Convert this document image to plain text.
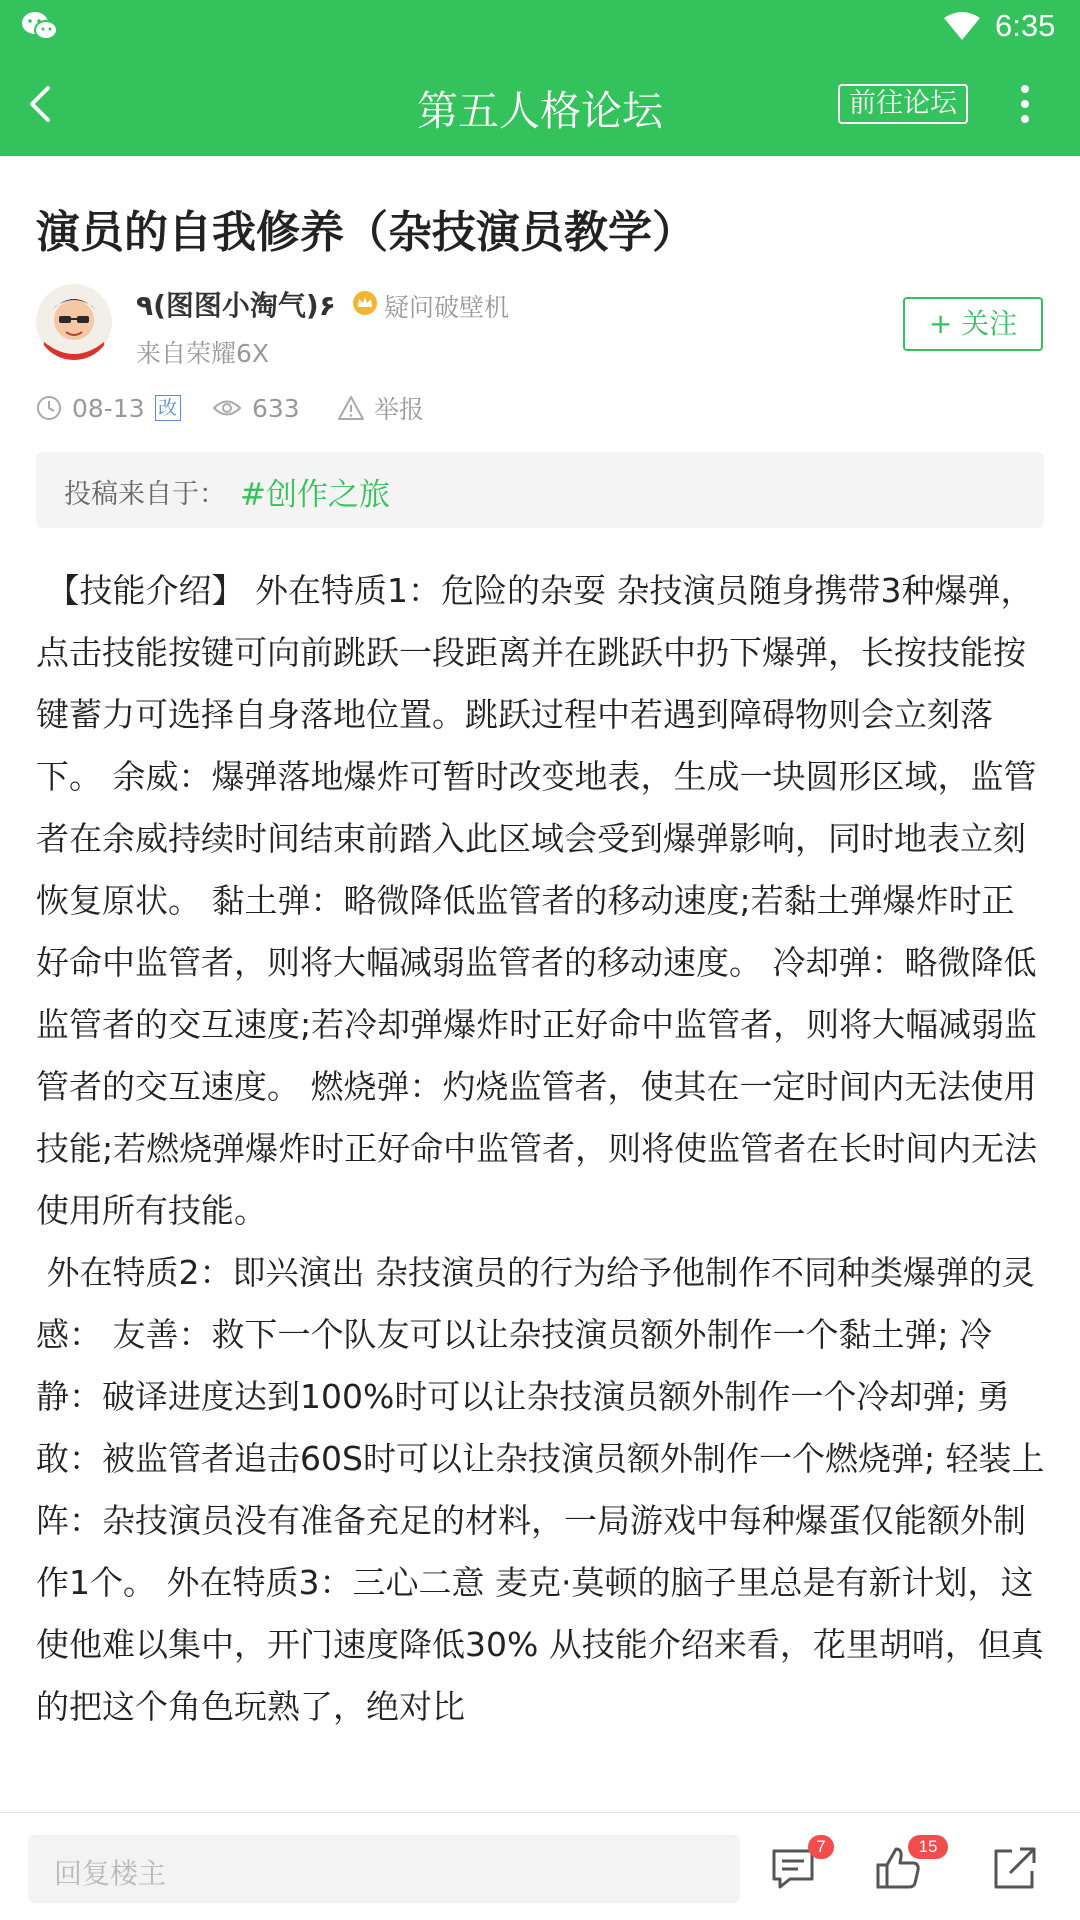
6:35
第五人格论坛	前往论坛
演员的自我修养（杂技演员教学）
٩(图图小淘气)۶ 疑问破壁机
来自荣耀6X
+ 关注
08-13 改	633	举报
投稿来自于： #创作之旅
【技能介绍】 外在特质1：危险的杂耍 杂技演员随身携带3种爆弹，点击技能按键可向前跳跃一段距离并在跳跃中扔下爆弹，长按技能按键蓄力可选择自身落地位置。跳跃过程中若遇到障碍物则会立刻落下。 余威：爆弹落地爆炸可暂时改变地表，生成一块圆形区域，监管者在余威持续时间结束前踏入此区域会受到爆弹影响，同时地表立刻恢复原状。 黏土弹：略微降低监管者的移动速度;若黏土弹爆炸时正好命中监管者，则将大幅减弱监管者的移动速度。 冷却弹：略微降低监管者的交互速度;若冷却弹爆炸时正好命中监管者，则将大幅减弱监管者的交互速度。 燃烧弹：灼烧监管者，使其在一定时间内无法使用技能;若燃烧弹爆炸时正好命中监管者，则将使监管者在长时间内无法使用所有技能。
外在特质2：即兴演出 杂技演员的行为给予他制作不同种类爆弹的灵感： 友善：救下一个队友可以让杂技演员额外制作一个黏土弹; 冷静：破译进度达到100%时可以让杂技演员额外制作一个冷却弹; 勇敢：被监管者追击60S时可以让杂技演员额外制作一个燃烧弹; 轻装上阵：杂技演员没有准备充足的材料，一局游戏中每种爆蛋仅能额外制作1个。 外在特质3：三心二意 麦克·莫顿的脑子里总是有新计划，这使他难以集中，开门速度降低30% 从技能介绍来看，花里胡哨，但真的把这个角色玩熟了，绝对比
回复楼主
7	15
